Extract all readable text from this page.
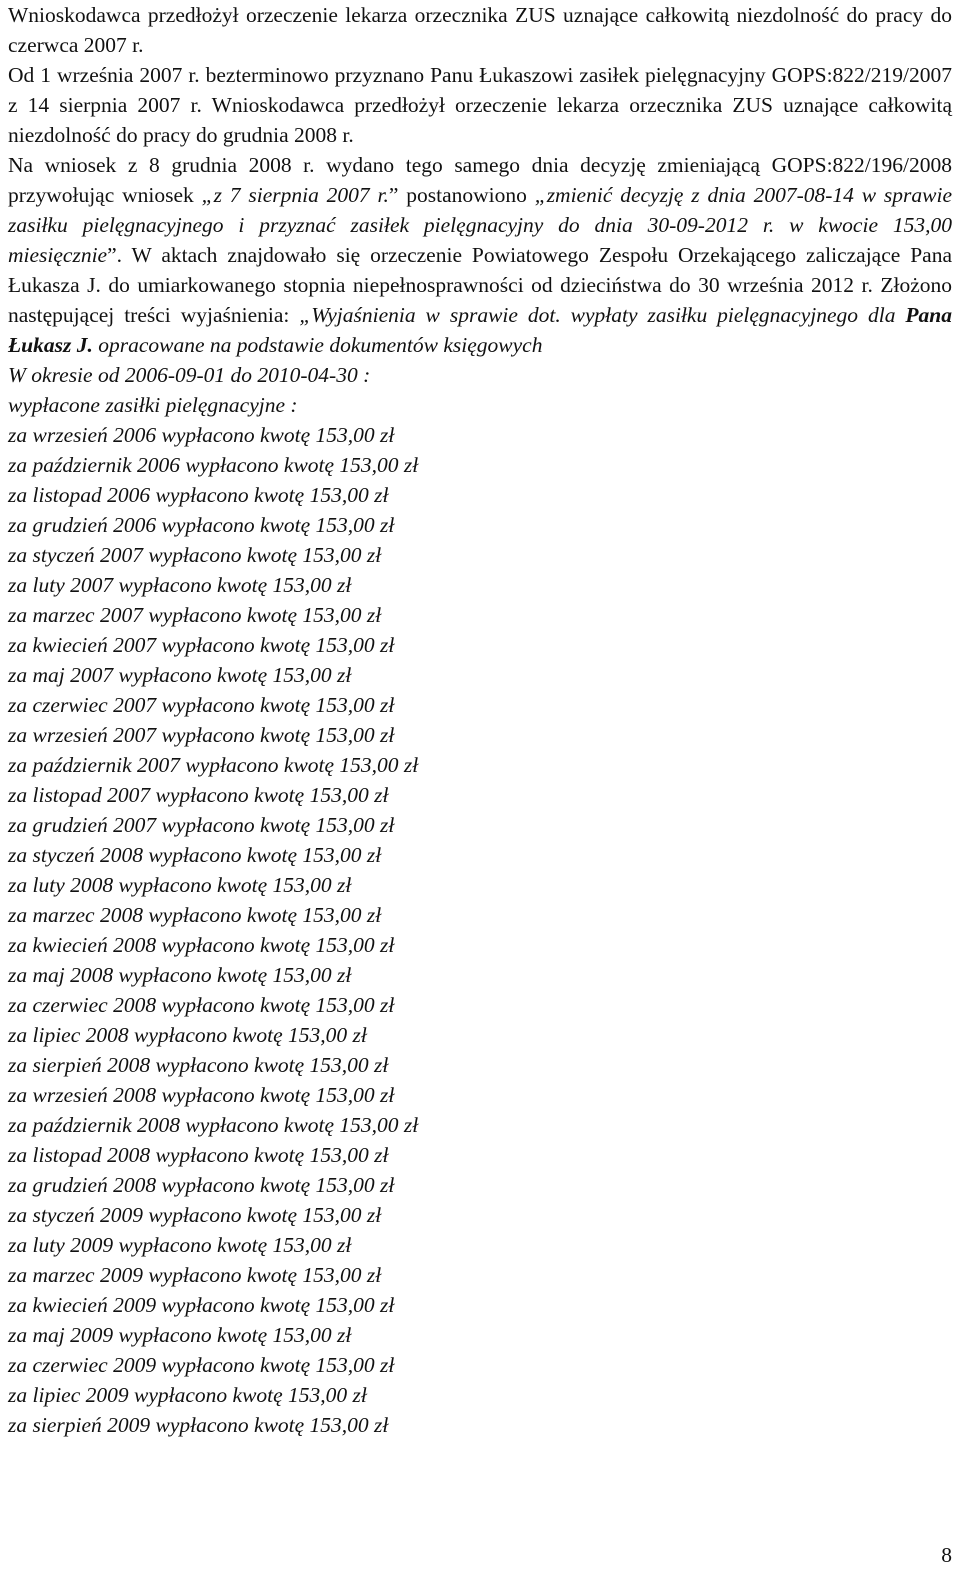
Wnioskodawca przedłożył orzeczenie lekarza orzecznika ZUS uznające całkowitą niezdolność do pracy do czerwca 2007 r.

Od 1 września 2007 r. bezterminowo przyznano Panu Łukaszowi zasiłek pielęgnacyjny GOPS:822/219/2007 z 14 sierpnia 2007 r. Wnioskodawca przedłożył orzeczenie lekarza orzecznika ZUS uznające całkowitą niezdolność do pracy do grudnia 2008 r.

Na wniosek z 8 grudnia 2008 r. wydano tego samego dnia decyzję zmieniającą GOPS:822/196/2008 przywołując wniosek „z 7 sierpnia 2007 r.” postanowiono „zmienić decyzję z dnia 2007-08-14 w sprawie zasiłku pielęgnacyjnego i przyznać zasiłek pielęgnacyjny do dnia 30-09-2012 r. w kwocie 153,00 miesięcznie”. W aktach znajdowało się orzeczenie Powiatowego Zespołu Orzekającego zaliczające Pana Łukasza J. do umiarkowanego stopnia niepełnosprawności od dzieciństwa do 30 września 2012 r. Złożono następującej treści wyjaśnienia: „Wyjaśnienia w sprawie dot. wypłaty zasiłku pielęgnacyjnego dla Pana Łukasz J. opracowane na podstawie dokumentów księgowych

W okresie od 2006-09-01 do 2010-04-30 :

wypłacone zasiłki pielęgnacyjne :

za wrzesień 2006 wypłacono kwotę 153,00 zł
za październik 2006 wypłacono kwotę 153,00 zł
za listopad 2006 wypłacono kwotę 153,00 zł
za grudzień 2006 wypłacono kwotę 153,00 zł
za styczeń 2007 wypłacono kwotę 153,00 zł
za luty 2007 wypłacono kwotę 153,00 zł
za marzec 2007 wypłacono kwotę 153,00 zł
za kwiecień 2007 wypłacono kwotę 153,00 zł
za maj 2007 wypłacono kwotę 153,00 zł
za czerwiec 2007 wypłacono kwotę 153,00 zł
za wrzesień 2007 wypłacono kwotę 153,00 zł
za październik 2007 wypłacono kwotę 153,00 zł
za listopad 2007 wypłacono kwotę 153,00 zł
za grudzień 2007 wypłacono kwotę 153,00 zł
za styczeń 2008 wypłacono kwotę 153,00 zł
za luty 2008 wypłacono kwotę 153,00 zł
za marzec 2008 wypłacono kwotę 153,00 zł
za kwiecień 2008 wypłacono kwotę 153,00 zł
za maj 2008 wypłacono kwotę 153,00 zł
za czerwiec 2008 wypłacono kwotę 153,00 zł
za lipiec 2008 wypłacono kwotę 153,00 zł
za sierpień 2008 wypłacono kwotę 153,00 zł
za wrzesień 2008 wypłacono kwotę 153,00 zł
za październik 2008 wypłacono kwotę 153,00 zł
za listopad 2008 wypłacono kwotę 153,00 zł
za grudzień 2008 wypłacono kwotę 153,00 zł
za styczeń 2009 wypłacono kwotę 153,00 zł
za luty 2009 wypłacono kwotę 153,00 zł
za marzec 2009 wypłacono kwotę 153,00 zł
za kwiecień 2009 wypłacono kwotę 153,00 zł
za maj 2009 wypłacono kwotę 153,00 zł
za czerwiec 2009 wypłacono kwotę 153,00 zł
za lipiec 2009 wypłacono kwotę 153,00 zł
za sierpień 2009 wypłacono kwotę 153,00 zł
8
